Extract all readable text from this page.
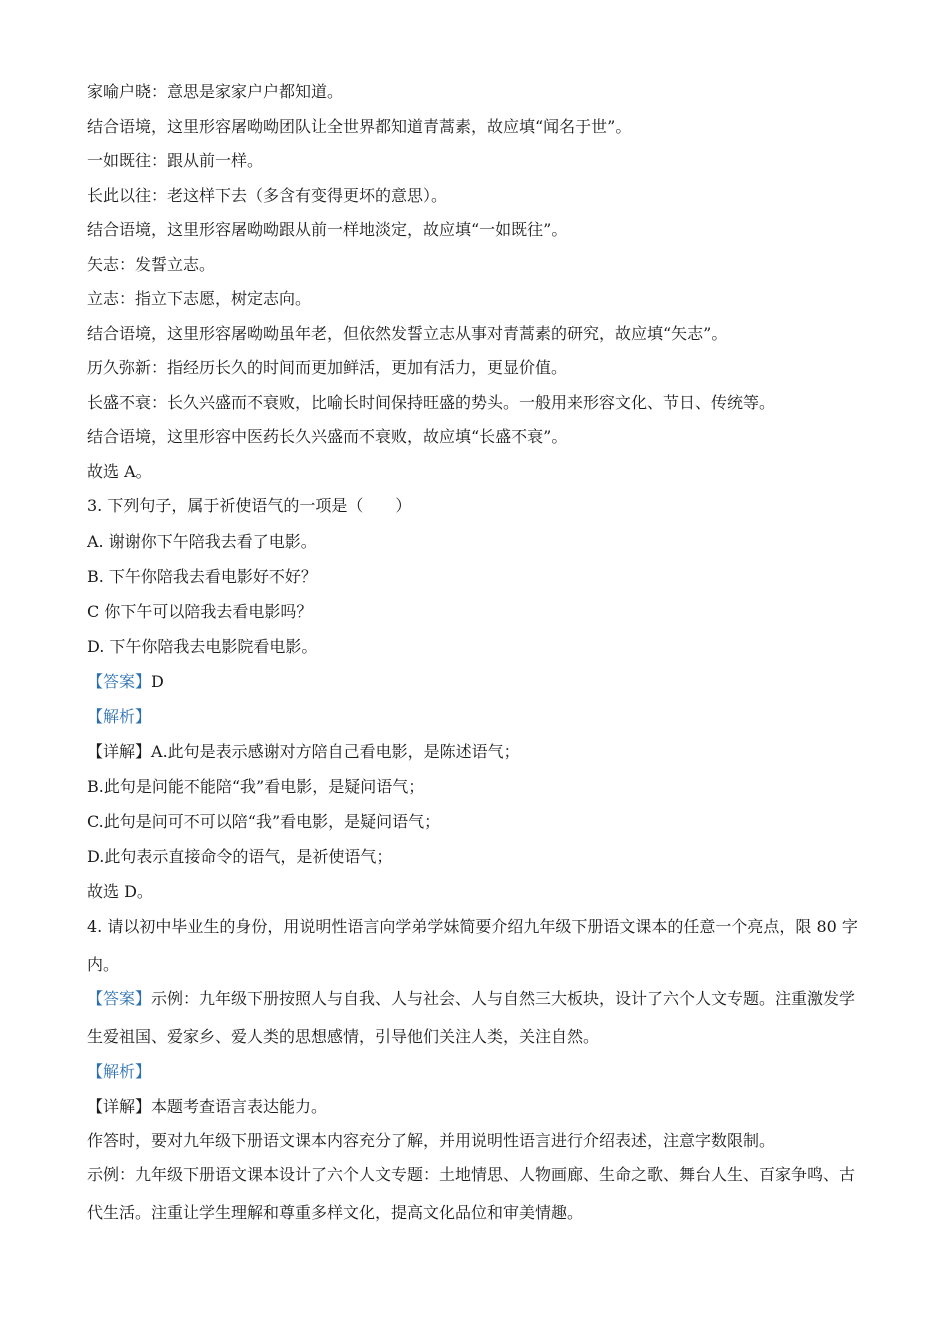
家喻户晓：意思是家家户户都知道。
结合语境，这里形容屠呦呦团队让全世界都知道青蒿素，故应填“闻名于世”。
一如既往：跟从前一样。
长此以往：老这样下去（多含有变得更坏的意思）。
结合语境，这里形容屠呦呦跟从前一样地淡定，故应填“一如既往”。
矢志：发誓立志。
立志：指立下志愿，树定志向。
结合语境，这里形容屠呦呦虽年老，但依然发誓立志从事对青蒿素的研究，故应填“矢志”。
历久弥新：指经历长久的时间而更加鲜活，更加有活力，更显价值。
长盛不衰：长久兴盛而不衰败，比喻长时间保持旺盛的势头。一般用来形容文化、节日、传统等。
结合语境，这里形容中医药长久兴盛而不衰败，故应填“长盛不衰”。
故选 A。
3. 下列句子，属于祈使语气的一项是（　　）
A. 谢谢你下午陪我去看了电影。
B. 下午你陪我去看电影好不好？
C 你下午可以陪我去看电影吗？
D. 下午你陪我去电影院看电影。
【答案】D
【解析】
【详解】A.此句是表示感谢对方陪自己看电影，是陈述语气；
B.此句是问能不能陪“我”看电影，是疑问语气；
C.此句是问可不可以陪“我”看电影，是疑问语气；
D.此句表示直接命令的语气，是祈使语气；
故选 D。
4. 请以初中毕业生的身份，用说明性语言向学弟学妹简要介绍九年级下册语文课本的任意一个亮点，限 80 字内。
【答案】示例：九年级下册按照人与自我、人与社会、人与自然三大板块，设计了六个人文专题。注重激发学生爱祖国、爱家乡、爱人类的思想感情，引导他们关注人类，关注自然。
【解析】
【详解】本题考查语言表达能力。
作答时，要对九年级下册语文课本内容充分了解，并用说明性语言进行介绍表述，注意字数限制。
示例：九年级下册语文课本设计了六个人文专题：土地情思、人物画廊、生命之歌、舞台人生、百家争鸣、古代生活。注重让学生理解和尊重多样文化，提高文化品位和审美情趣。
